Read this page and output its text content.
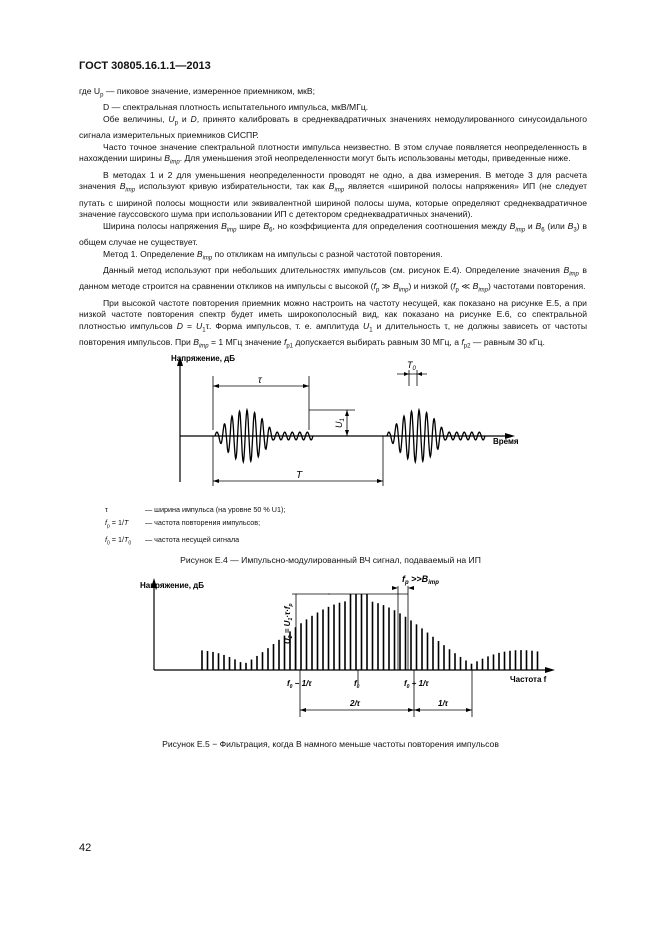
ГОСТ 30805.16.1.1—2013
где $U_p$ — пиковое значение, измеренное приемником, мкВ;
D — спектральная плотность испытательного импульса, мкВ/МГц.

Обе величины, $U_p$ и D, принято калибровать в среднеквадратичных значениях немодулированного синусоидального сигнала измерительных приемников СИСПР.

Часто точное значение спектральной плотности импульса неизвестно. В этом случае появляется неопределенность в нахождении ширины $B_{imp}$. Для уменьшения этой неопределенности могут быть использованы методы, приведенные ниже.

В методах 1 и 2 для уменьшения неопределенности проводят не одно, а два измерения. В методе 3 для расчета значения $B_{imp}$ используют кривую избирательности, так как $B_{imp}$ является «шириной полосы напряжения» ИП (не следует путать с шириной полосы мощности или эквивалентной шириной полосы шума, которые определяют среднеквадратичное значение гауссовского шума при использовании ИП с детектором среднеквадратичных значений).

Ширина полосы напряжения $B_{imp}$ шире $B_6$, но коэффициента для определения соотношения между $B_{imp}$ и $B_6$ (или $B_3$) в общем случае не существует.

Метод 1. Определение $B_{imp}$ по откликам на импульсы с разной частотой повторения.

Данный метод используют при небольших длительностях импульсов (см. рисунок Е.4). Определение значения $B_{imp}$ в данном методе строится на сравнении откликов на импульсы с высокой ($f_p$ ≫ $B_{imp}$) и низкой ($f_p$ ≪ $B_{imp}$) частотами повторения.

При высокой частоте повторения приемник можно настроить на частоту несущей, как показано на рисунке Е.5, а при низкой частоте повторения спектр будет иметь широкополосный вид, как показано на рисунке Е.6, со спектральной плотностью импульсов $D = U_1\tau$. Форма импульсов, т. е. амплитуда $U_1$ и длительность τ, не должны зависеть от частоты повторения импульсов. При $B_{imp} = 1$ МГц значение $f_{p1}$ допускается выбирать равным 30 МГц, а $f_{p2}$ — равным 30 кГц.

Напряжение, дБ
Время
τ
$U_1$
$T_0$
T
τ	— ширина импульса (на уровне 50 % U1);
$f_p = 1/T$	— частота повторения импульсов;
$f_0 = 1/T_0$	— частота несущей сигнала
Рисунок Е.4 — Импульсно-модулированный ВЧ сигнал, подаваемый на ИП
Напряжение, дБ
Частота f
$f_p >>B_{imp}$
$U_2 = U_1\cdot\tau\cdot f_p$
$f_0 - 1/\tau$	$f_0$	$f_0 + 1/\tau$
2/τ	1/τ
Рисунок Е.5 − Фильтрация, когда B намного меньше частоты повторения импульсов
42
